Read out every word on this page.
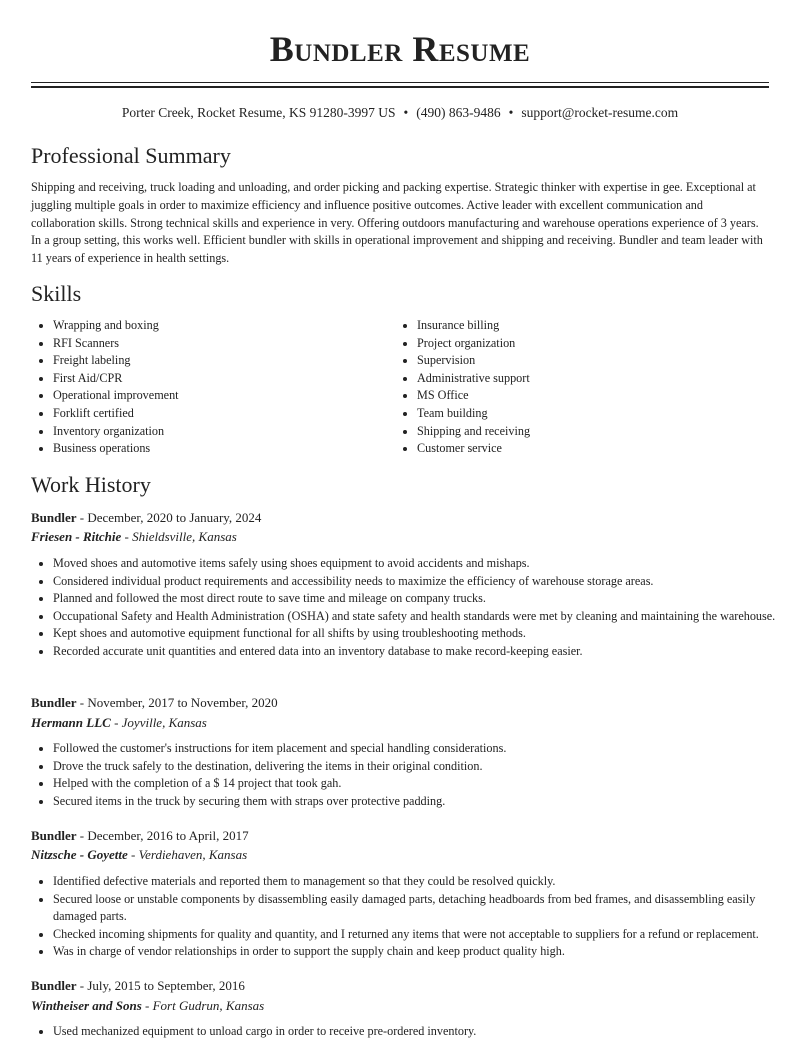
Bundler Resume
Porter Creek, Rocket Resume, KS 91280-3997 US • (490) 863-9486 • support@rocket-resume.com
Professional Summary
Shipping and receiving, truck loading and unloading, and order picking and packing expertise. Strategic thinker with expertise in gee. Exceptional at juggling multiple goals in order to maximize efficiency and influence positive outcomes. Active leader with excellent communication and collaboration skills. Strong technical skills and experience in very. Offering outdoors manufacturing and warehouse operations experience of 3 years. In a group setting, this works well. Efficient bundler with skills in operational improvement and shipping and receiving. Bundler and team leader with 11 years of experience in health settings.
Skills
• Wrapping and boxing
• RFI Scanners
• Freight labeling
• First Aid/CPR
• Operational improvement
• Forklift certified
• Inventory organization
• Business operations
• Insurance billing
• Project organization
• Supervision
• Administrative support
• MS Office
• Team building
• Shipping and receiving
• Customer service
Work History
Bundler - December, 2020 to January, 2024
Friesen - Ritchie - Shieldsville, Kansas
• Moved shoes and automotive items safely using shoes equipment to avoid accidents and mishaps.
• Considered individual product requirements and accessibility needs to maximize the efficiency of warehouse storage areas.
• Planned and followed the most direct route to save time and mileage on company trucks.
• Occupational Safety and Health Administration (OSHA) and state safety and health standards were met by cleaning and maintaining the warehouse.
• Kept shoes and automotive equipment functional for all shifts by using troubleshooting methods.
• Recorded accurate unit quantities and entered data into an inventory database to make record-keeping easier.
Bundler - November, 2017 to November, 2020
Hermann LLC - Joyville, Kansas
• Followed the customer's instructions for item placement and special handling considerations.
• Drove the truck safely to the destination, delivering the items in their original condition.
• Helped with the completion of a $ 14 project that took gah.
• Secured items in the truck by securing them with straps over protective padding.
Bundler - December, 2016 to April, 2017
Nitzsche - Goyette - Verdiehaven, Kansas
• Identified defective materials and reported them to management so that they could be resolved quickly.
• Secured loose or unstable components by disassembling easily damaged parts, detaching headboards from bed frames, and disassembling easily damaged parts.
• Checked incoming shipments for quality and quantity, and I returned any items that were not acceptable to suppliers for a refund or replacement.
• Was in charge of vendor relationships in order to support the supply chain and keep product quality high.
Bundler - July, 2015 to September, 2016
Wintheiser and Sons - Fort Gudrun, Kansas
• Used mechanized equipment to unload cargo in order to receive pre-ordered inventory.
